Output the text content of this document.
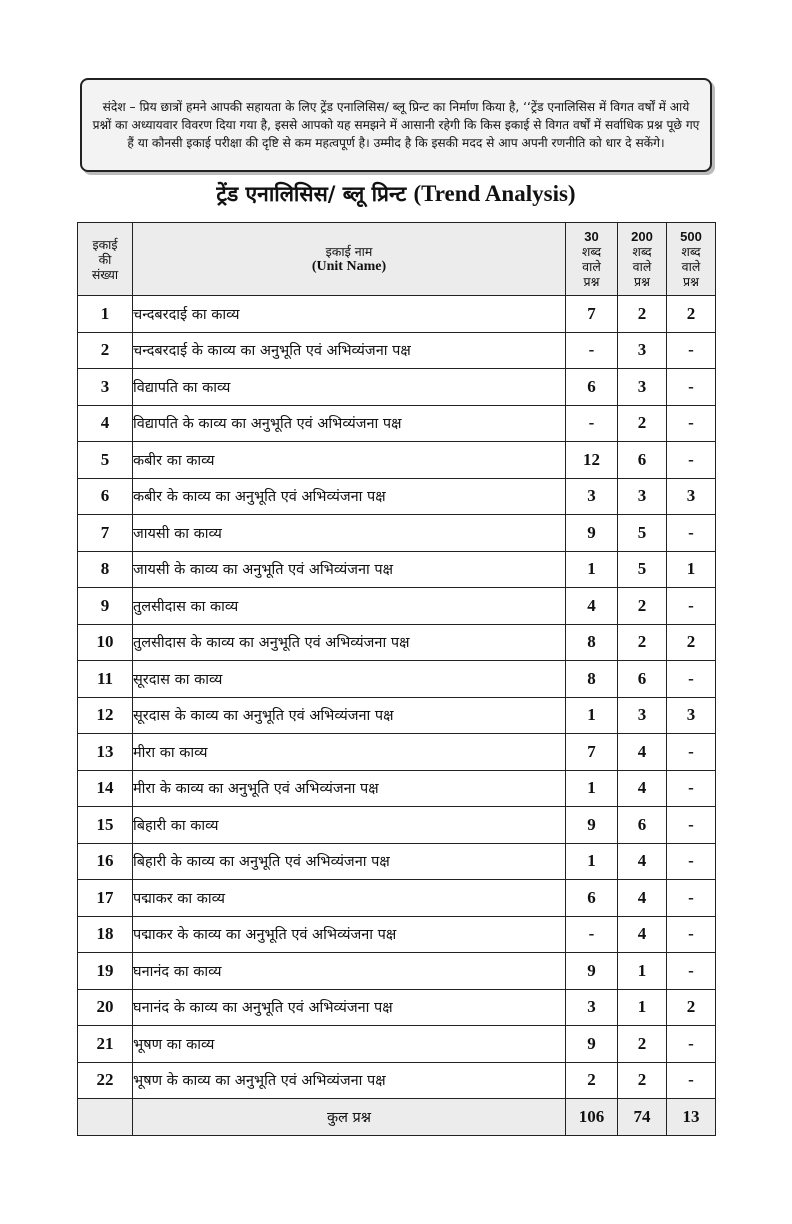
संदेश – प्रिय छात्रों हमने आपकी सहायता के लिए ट्रेंड एनालिसिस/ ब्लू प्रिन्ट का निर्माण किया है, ‘‘ट्रेंड एनालिसिस में विगत वर्षों में आये प्रश्नों का अध्यायवार विवरण दिया गया है, इससे आपको यह समझने में आसानी रहेगी कि किस इकाई से विगत वर्षों में सर्वाधिक प्रश्न पूछे गए हैं या कौनसी इकाई परीक्षा की दृष्टि से कम महत्वपूर्ण है। उम्मीद है कि इसकी मदद से आप अपनी रणनीति को धार दे सकेंगे।
ट्रेंड एनालिसिस/ ब्लू प्रिन्ट (Trend Analysis)
इकाई
की
संख्या

इकाई नाम
(Unit Name)

30
शब्द
वाले
प्रश्न

200
शब्द
वाले
प्रश्न

500
शब्द
वाले
प्रश्न

1	चन्दबरदाई का काव्य	7	2	2
2	चन्दबरदाई के काव्य का अनुभूति एवं अभिव्यंजना पक्ष	-	3	-
3	विद्यापति का काव्य	6	3	-
4	विद्यापति के काव्य का अनुभूति एवं अभिव्यंजना पक्ष	-	2	-
5	कबीर का काव्य	12	6	-
6	कबीर के काव्य का अनुभूति एवं अभिव्यंजना पक्ष	3	3	3
7	जायसी का काव्य	9	5	-
8	जायसी के काव्य का अनुभूति एवं अभिव्यंजना पक्ष	1	5	1
9	तुलसीदास का काव्य	4	2	-
10	तुलसीदास के काव्य का अनुभूति एवं अभिव्यंजना पक्ष	8	2	2
11	सूरदास का काव्य	8	6	-
12	सूरदास के काव्य का अनुभूति एवं अभिव्यंजना पक्ष	1	3	3
13	मीरा का काव्य	7	4	-
14	मीरा के काव्य का अनुभूति एवं अभिव्यंजना पक्ष	1	4	-
15	बिहारी का काव्य	9	6	-
16	बिहारी के काव्य का अनुभूति एवं अभिव्यंजना पक्ष	1	4	-
17	पद्माकर का काव्य	6	4	-
18	पद्माकर के काव्य का अनुभूति एवं अभिव्यंजना पक्ष	-	4	-
19	घनानंद का काव्य	9	1	-
20	घनानंद के काव्य का अनुभूति एवं अभिव्यंजना पक्ष	3	1	2
21	भूषण का काव्य	9	2	-
22	भूषण के काव्य का अनुभूति एवं अभिव्यंजना पक्ष	2	2	-
	कुल प्रश्न	106	74	13
